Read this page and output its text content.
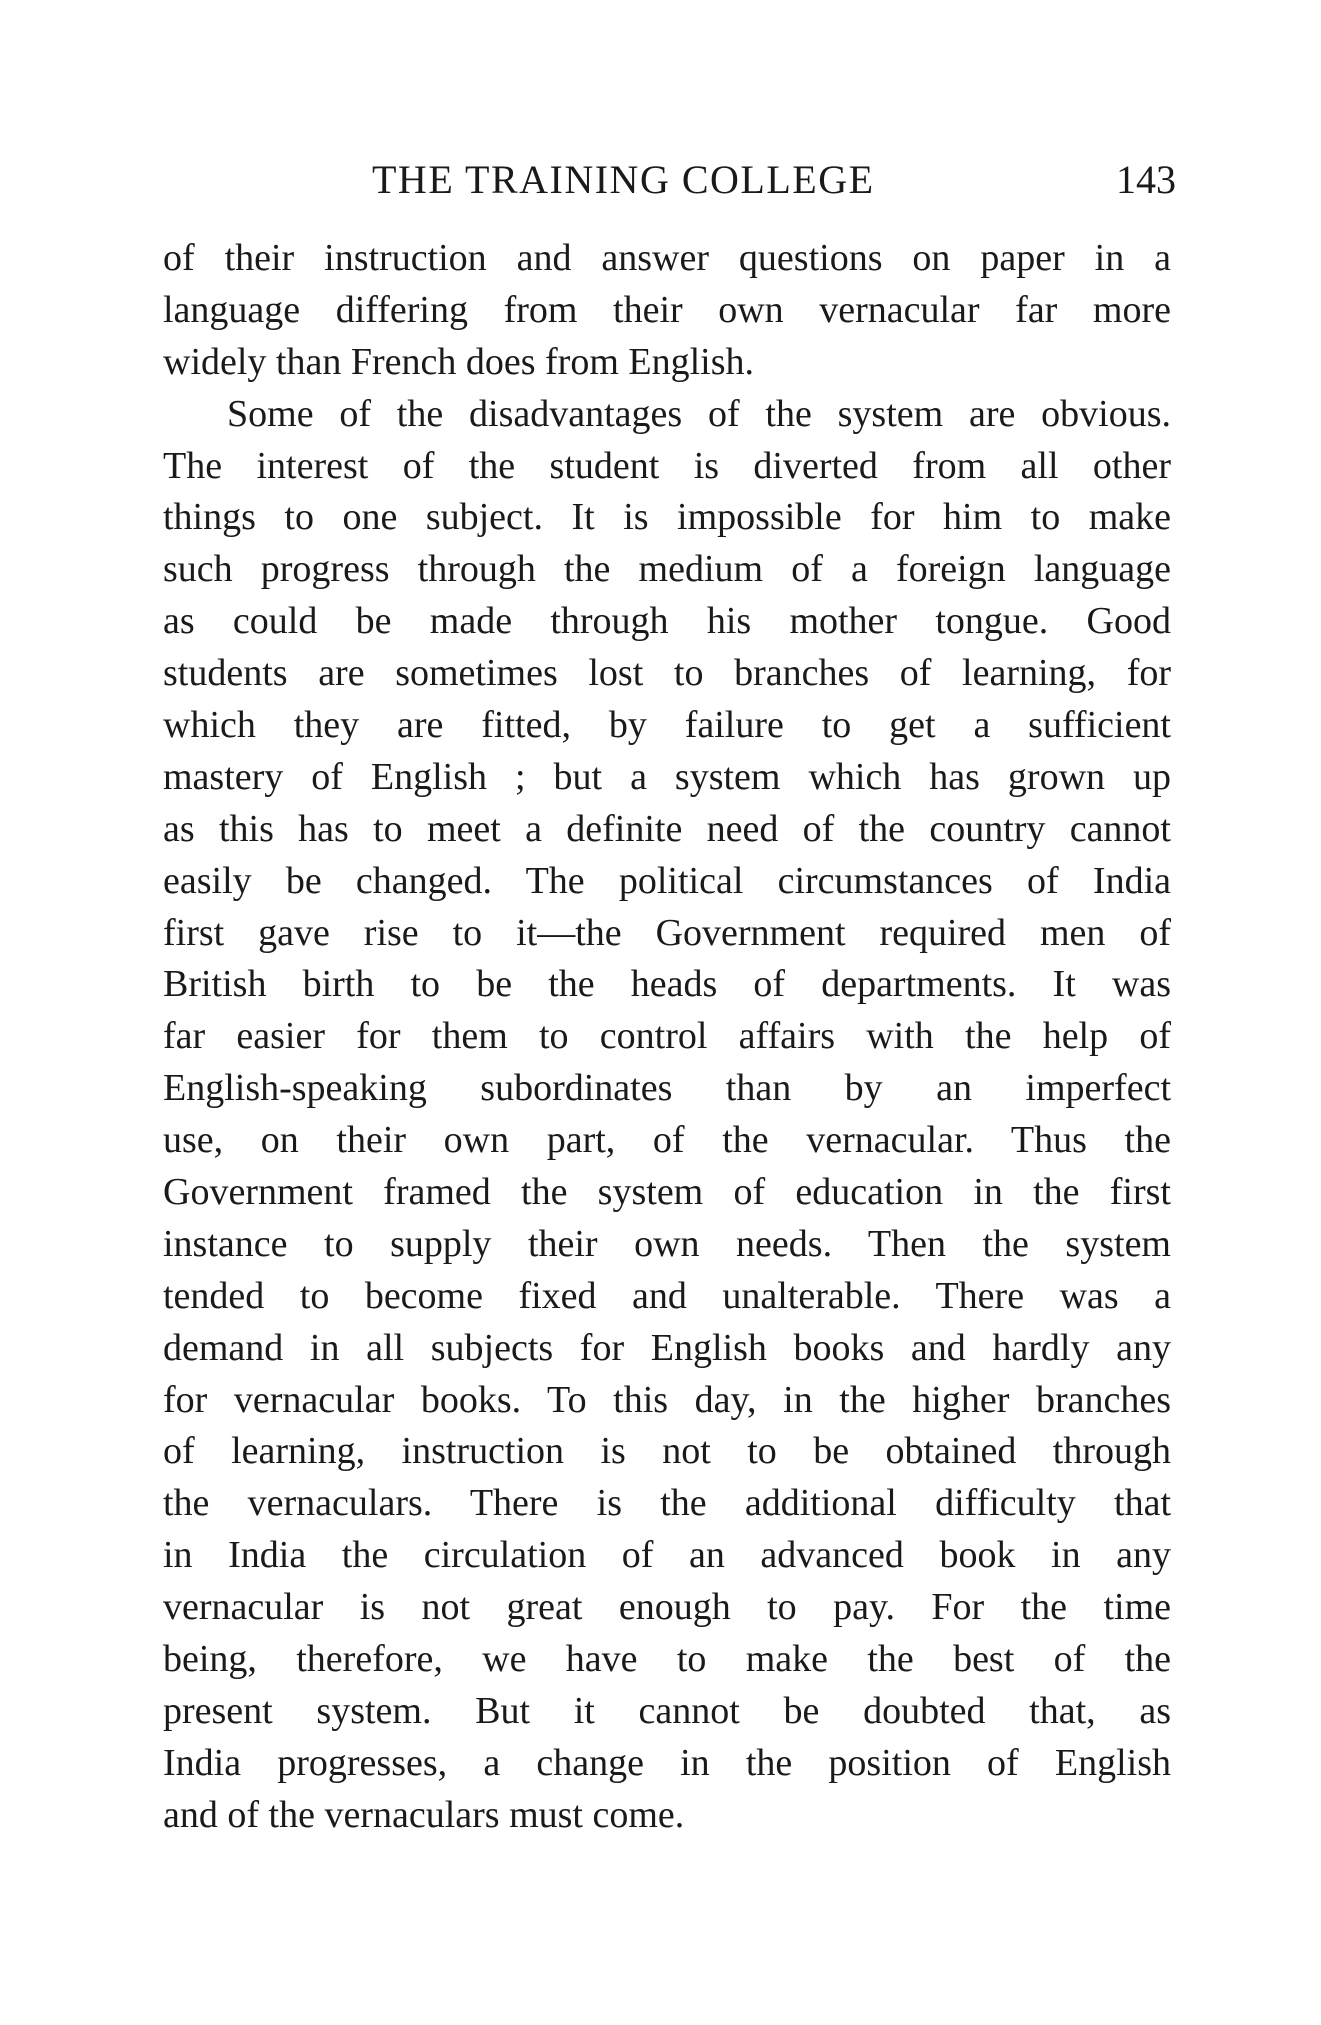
THE TRAINING COLLEGE	143
of their instruction and answer questions on paper in a
language differing from their own vernacular far more
widely than French does from English.
Some of the disadvantages of the system are obvious.
The interest of the student is diverted from all other
things to one subject. It is impossible for him to make
such progress through the medium of a foreign language
as could be made through his mother tongue. Good
students are sometimes lost to branches of learning, for
which they are fitted, by failure to get a sufficient
mastery of English ; but a system which has grown up
as this has to meet a definite need of the country cannot
easily be changed. The political circumstances of India
first gave rise to it—the Government required men of
British birth to be the heads of departments. It was
far easier for them to control affairs with the help of
English-speaking subordinates than by an imperfect
use, on their own part, of the vernacular. Thus the
Government framed the system of education in the first
instance to supply their own needs. Then the system
tended to become fixed and unalterable. There was a
demand in all subjects for English books and hardly any
for vernacular books. To this day, in the higher branches
of learning, instruction is not to be obtained through
the vernaculars. There is the additional difficulty that
in India the circulation of an advanced book in any
vernacular is not great enough to pay. For the time
being, therefore, we have to make the best of the
present system. But it cannot be doubted that, as
India progresses, a change in the position of English
and of the vernaculars must come.
